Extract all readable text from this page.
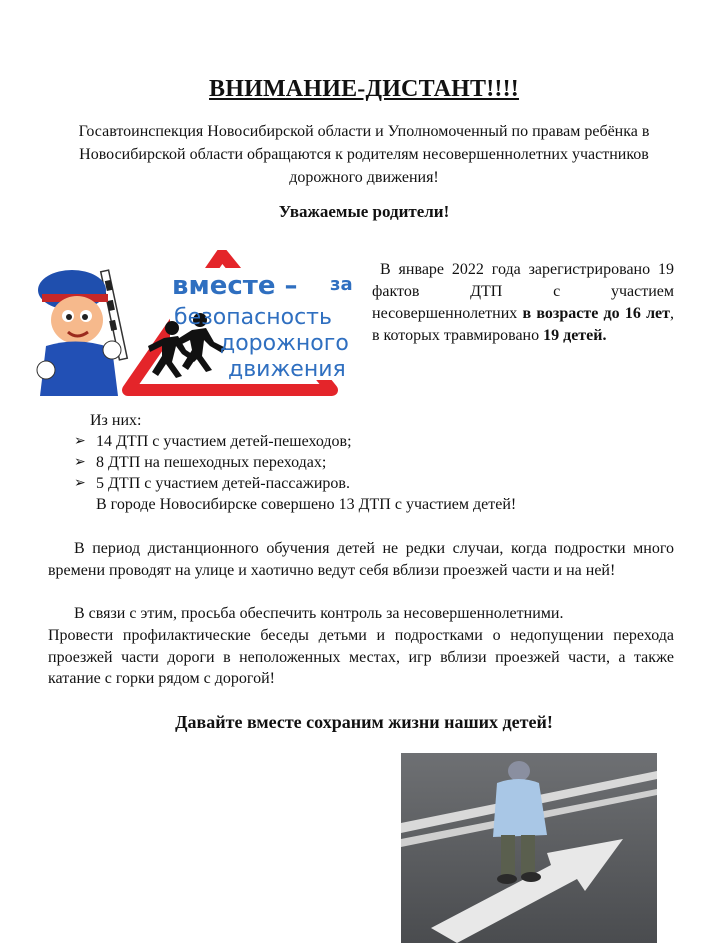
ВНИМАНИЕ-ДИСТАНТ!!!!
Госавтоинспекция Новосибирской области и Уполномоченный по правам ребёнка в Новосибирской области обращаются к родителям несовершеннолетних участников дорожного движения!
Уважаемые родители!
вместе – за
безопасность
дорожного
движения
В январе 2022 года зарегистрировано 19 фактов ДТП с участием несовершеннолетних в возрасте до 16 лет, в которых травмировано 19 детей.
Из них:
➢ 14 ДТП с участием детей-пешеходов;
➢ 8 ДТП на пешеходных переходах;
➢ 5 ДТП с участием детей-пассажиров.
В городе Новосибирске совершено 13 ДТП с участием детей!
В период дистанционного обучения детей не редки случаи, когда подростки много времени проводят на улице и хаотично ведут себя вблизи проезжей части и на ней!
В связи с этим, просьба обеспечить контроль за несовершеннолетними.
Провести профилактические беседы детьми и подростками о недопущении перехода проезжей части дороги в неположенных местах, игр вблизи проезжей части, а также катание с горки рядом с дорогой!
Давайте вместе сохраним жизни наших детей!
